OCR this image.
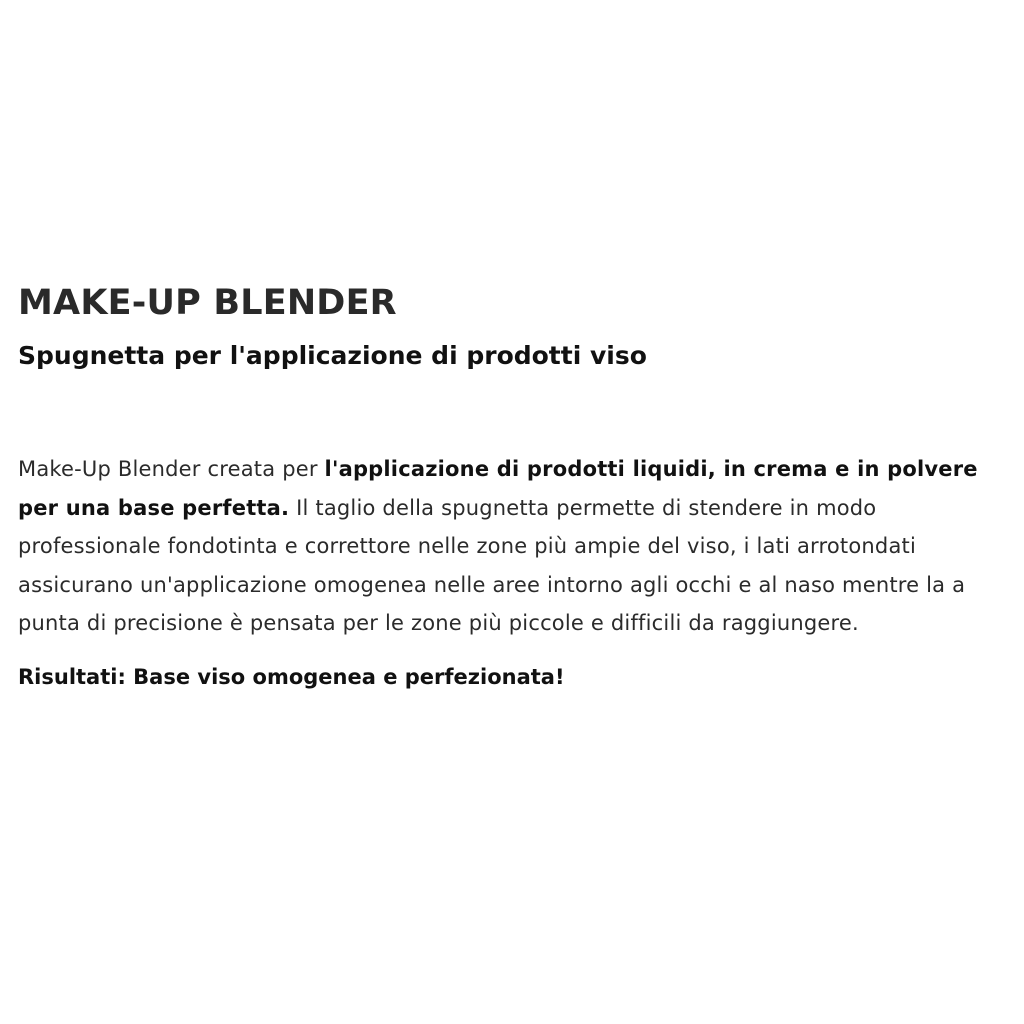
MAKE-UP BLENDER
Spugnetta per l'applicazione di prodotti viso

Make-Up Blender creata per l'applicazione di prodotti liquidi, in crema e in polvere per una base perfetta. Il taglio della spugnetta permette di stendere in modo professionale fondotinta e correttore nelle zone più ampie del viso, i lati arrotondati assicurano un'applicazione omogenea nelle aree intorno agli occhi e al naso mentre la a punta di precisione è pensata per le zone più piccole e difficili da raggiungere.

Risultati: Base viso omogenea e perfezionata!
